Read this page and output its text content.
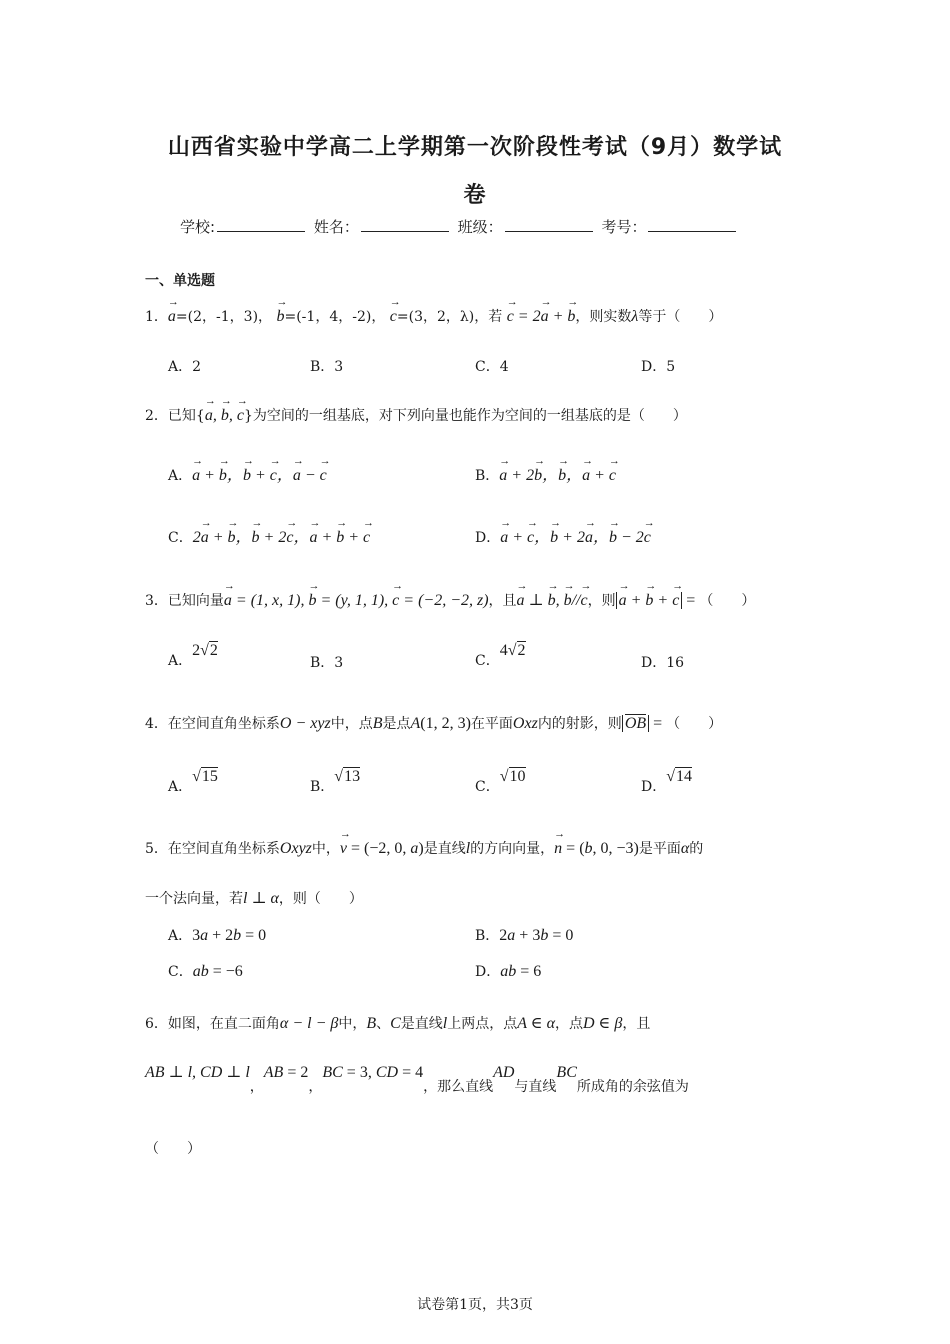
山西省实验中学高二上学期第一次阶段性考试（9月）数学试
卷
学校:	姓名：	班级：	考号：
一、单选题
1．→ a=(2，-1，3)， → b=(-1，4，-2)， → c=(3，2，λ)，若 → c = 2→ a + → b，则实数λ等于（　　）
A．2	B．3	C．4	D．5
2．已知{→ a, → b, → c}为空间的一组基底，对下列向量也能作为空间的一组基底的是（　　）
A．→ a + → b，→ b + → c，→ a − → c	B．→ a + 2→ b，→ b，→ a + → c
C．2→ a + → b，→ b + 2→ c，→ a + → b + → c	D．→ a + → c，→ b + 2→ a，→ b − 2→ c
3．已知向量→ a = (1, x, 1), → b = (y, 1, 1), → c = (−2, −2, z)，且→ a ⊥ → b, → b//→ c，则 → a + → b + → c = （　　）
A．2√2
B．3	C．4√2
D．16
4．在空间直角坐标系O − xyz中，点B是点A(1, 2, 3)在平面Oxz内的射影，则 OB = （　　）
A．√15
B．√13
C．√10
D．√14
5．在空间直角坐标系Oxyz中，→ v = (−2, 0, a)是直线l的方向向量，→ n = (b, 0, −3)是平面α的
一个法向量，若l ⊥ α，则（　　）
A．3a + 2b = 0	B．2a + 3b = 0
C．ab = −6	D．ab = 6
6．如图，在直二面角α − l − β中，B、C是直线l上两点，点A ∈ α，点D ∈ β，且
AB ⊥ l, CD ⊥ l，AB = 2，BC = 3, CD = 4，那么直线AD与直线BC所成角的余弦值为
（　　）
试卷第1页，共3页
